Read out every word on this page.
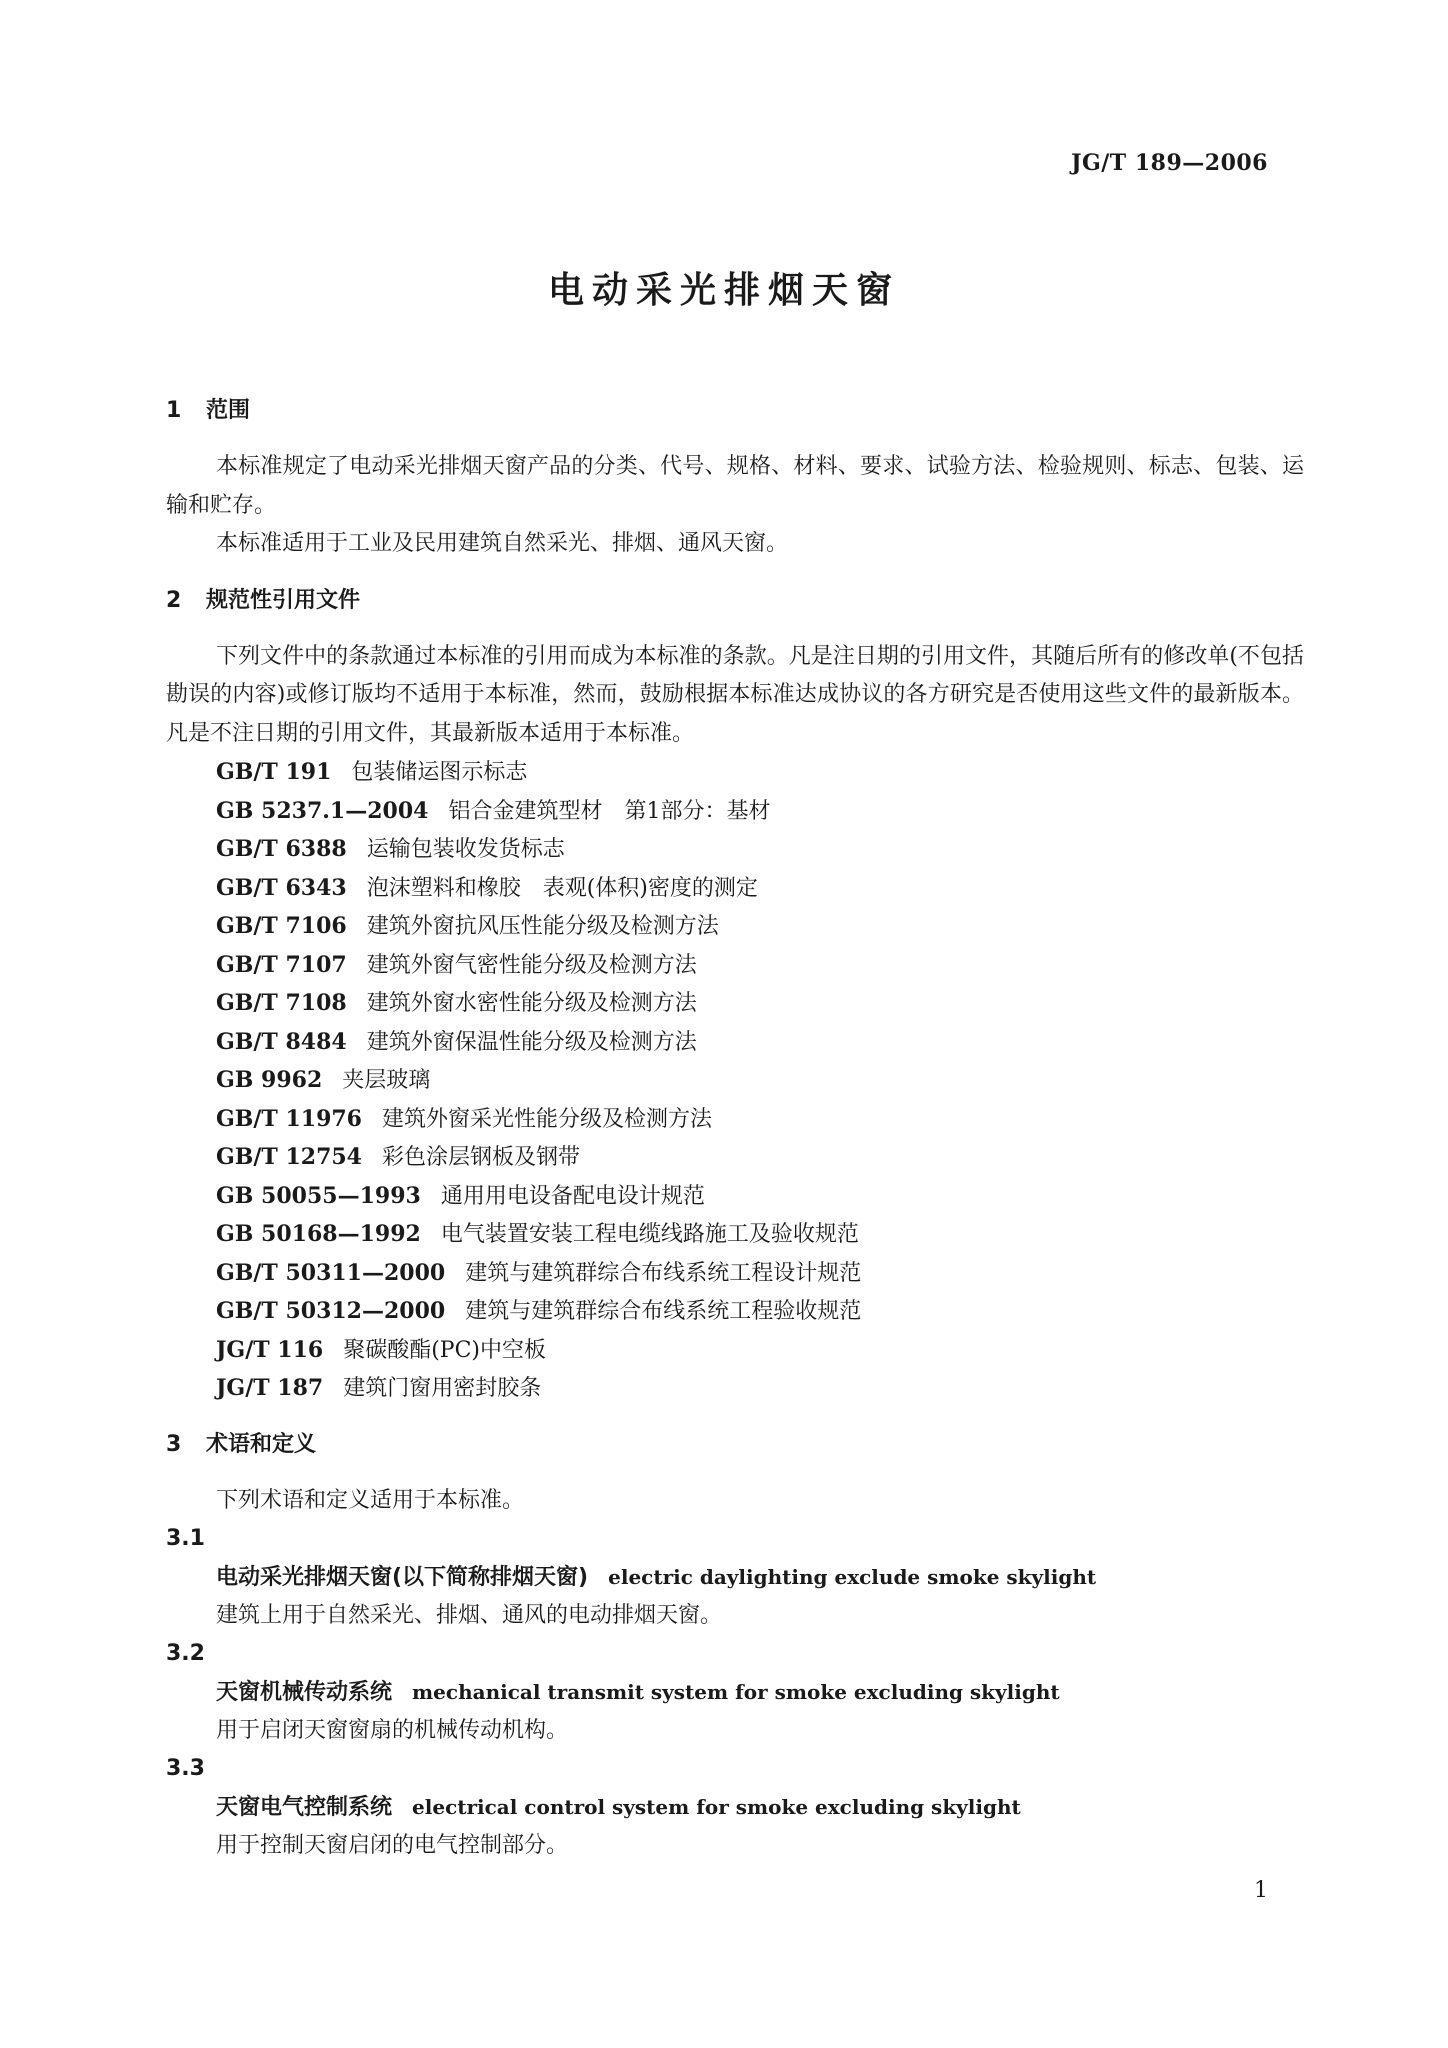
JG/T 189—2006
电动采光排烟天窗
1	范围
本标准规定了电动采光排烟天窗产品的分类、代号、规格、材料、要求、试验方法、检验规则、标志、包装、运输和贮存。
本标准适用于工业及民用建筑自然采光、排烟、通风天窗。
2	规范性引用文件
下列文件中的条款通过本标准的引用而成为本标准的条款。凡是注日期的引用文件，其随后所有的修改单(不包括勘误的内容)或修订版均不适用于本标准，然而，鼓励根据本标准达成协议的各方研究是否使用这些文件的最新版本。凡是不注日期的引用文件，其最新版本适用于本标准。
GB/T 191 包装储运图示标志
GB 5237.1—2004 铝合金建筑型材　第1部分：基材
GB/T 6388 运输包装收发货标志
GB/T 6343 泡沫塑料和橡胶　表观(体积)密度的测定
GB/T 7106 建筑外窗抗风压性能分级及检测方法
GB/T 7107 建筑外窗气密性能分级及检测方法
GB/T 7108 建筑外窗水密性能分级及检测方法
GB/T 8484 建筑外窗保温性能分级及检测方法
GB 9962 夹层玻璃
GB/T 11976 建筑外窗采光性能分级及检测方法
GB/T 12754 彩色涂层钢板及钢带
GB 50055—1993 通用用电设备配电设计规范
GB 50168—1992 电气装置安装工程电缆线路施工及验收规范
GB/T 50311—2000 建筑与建筑群综合布线系统工程设计规范
GB/T 50312—2000 建筑与建筑群综合布线系统工程验收规范
JG/T 116 聚碳酸酯(PC)中空板
JG/T 187 建筑门窗用密封胶条
3	术语和定义
下列术语和定义适用于本标准。
3.1
电动采光排烟天窗(以下简称排烟天窗) electric daylighting exclude smoke skylight
建筑上用于自然采光、排烟、通风的电动排烟天窗。
3.2
天窗机械传动系统 mechanical transmit system for smoke excluding skylight
用于启闭天窗窗扇的机械传动机构。
3.3
天窗电气控制系统 electrical control system for smoke excluding skylight
用于控制天窗启闭的电气控制部分。
1
